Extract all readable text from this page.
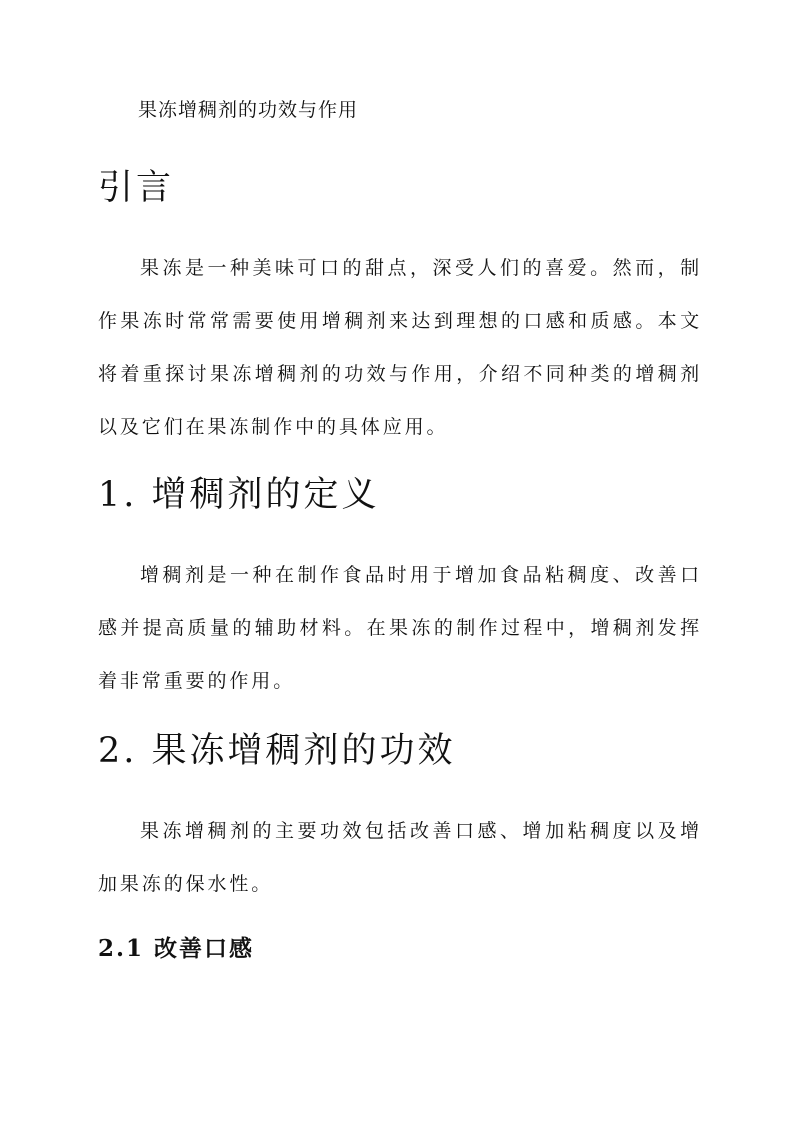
果冻增稠剂的功效与作用
引言

果冻是一种美味可口的甜点，深受人们的喜爱。然而，制作果冻时常常需要使用增稠剂来达到理想的口感和质感。本文将着重探讨果冻增稠剂的功效与作用，介绍不同种类的增稠剂以及它们在果冻制作中的具体应用。

1. 增稠剂的定义

增稠剂是一种在制作食品时用于增加食品粘稠度、改善口感并提高质量的辅助材料。在果冻的制作过程中，增稠剂发挥着非常重要的作用。

2. 果冻增稠剂的功效

果冻增稠剂的主要功效包括改善口感、增加粘稠度以及增加果冻的保水性。

2.1 改善口感
